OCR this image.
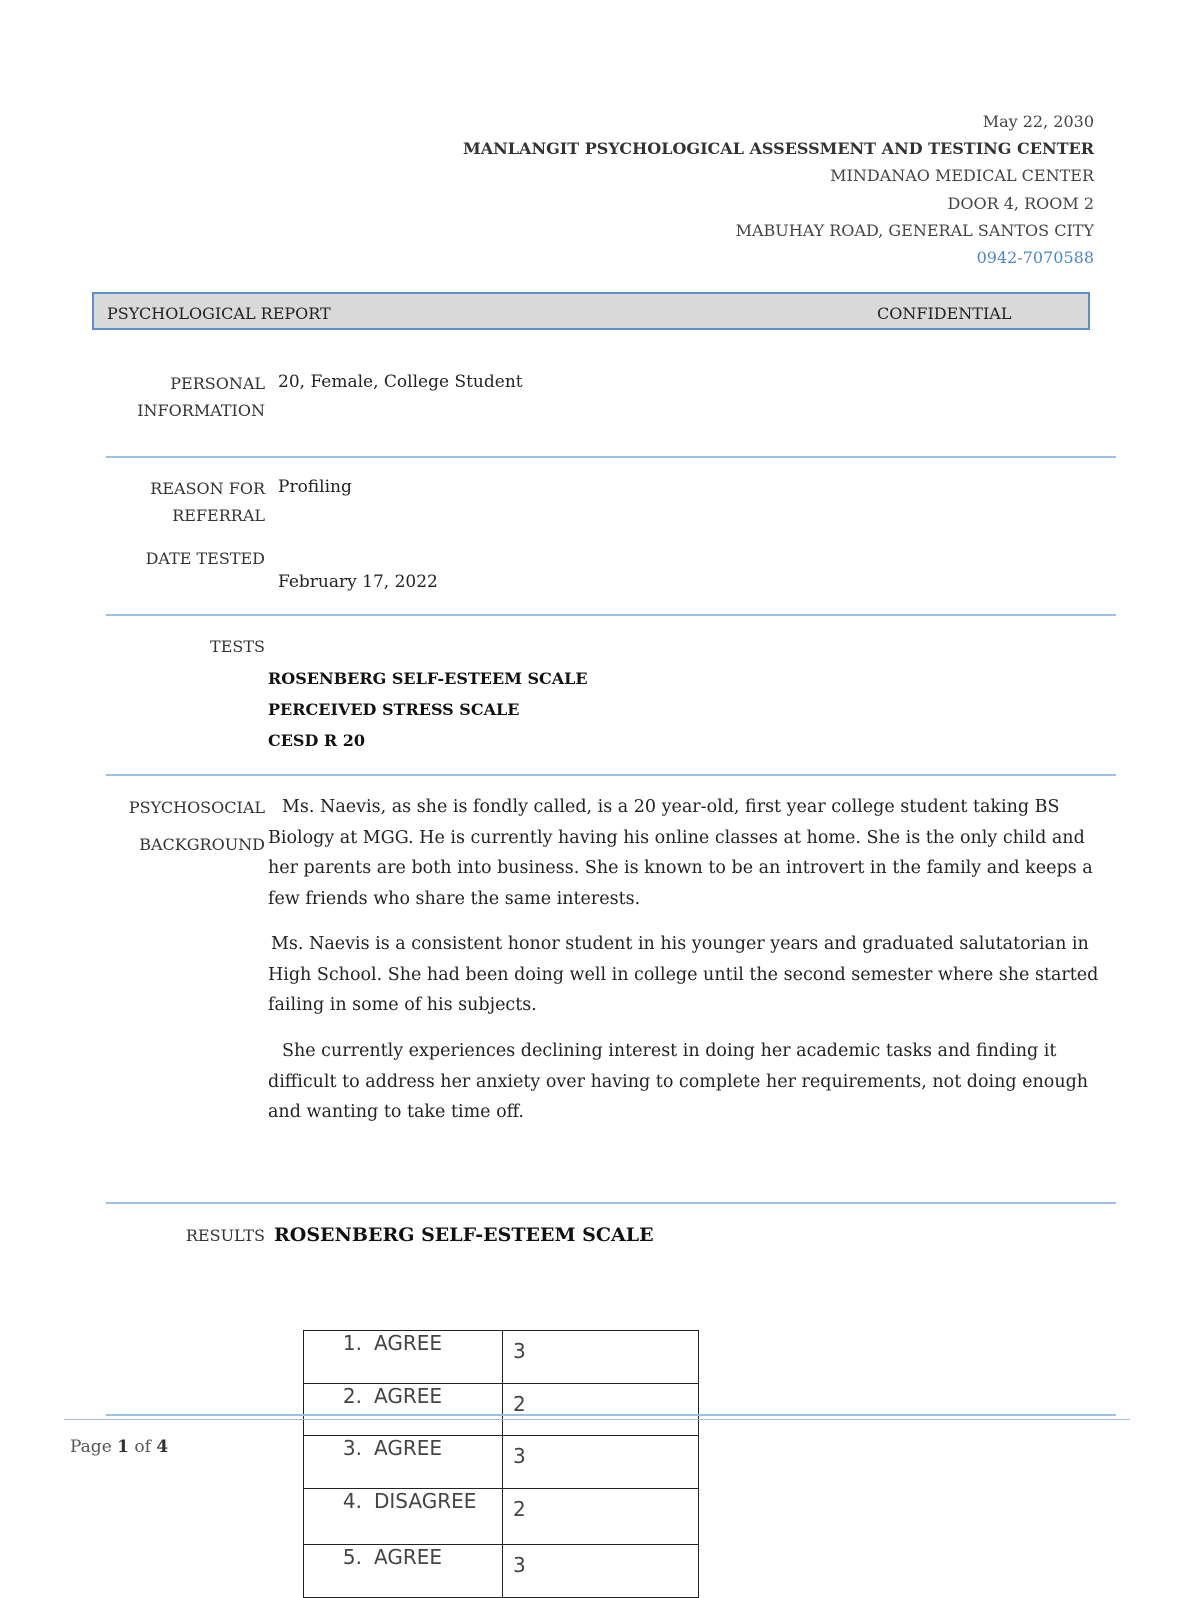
May 22, 2030
MANLANGIT PSYCHOLOGICAL ASSESSMENT AND TESTING CENTER
MINDANAO MEDICAL CENTER
DOOR 4, ROOM 2
MABUHAY ROAD, GENERAL SANTOS CITY
0942-7070588
PSYCHOLOGICAL REPORT	CONFIDENTIAL
PERSONAL
INFORMATION
20, Female, College Student
REASON FOR
REFERRAL
Profiling
DATE TESTED
February 17, 2022
TESTS
ROSENBERG SELF-ESTEEM SCALE
PERCEIVED STRESS SCALE
CESD R 20
PSYCHOSOCIAL
BACKGROUND
Ms. Naevis, as she is fondly called, is a 20 year-old, first year college student taking BS Biology at MGG. He is currently having his online classes at home. She is the only child and her parents are both into business. She is known to be an introvert in the family and keeps a few friends who share the same interests.
Ms. Naevis is a consistent honor student in his younger years and graduated salutatorian in High School. She had been doing well in college until the second semester where she started failing in some of his subjects.
She currently experiences declining interest in doing her academic tasks and finding it difficult to address her anxiety over having to complete her requirements, not doing enough and wanting to take time off.
RESULTS ROSENBERG SELF-ESTEEM SCALE
1. AGREE	3
2. AGREE	2
3. AGREE	3
4. DISAGREE	2
5. AGREE	3
Page 1 of 4
